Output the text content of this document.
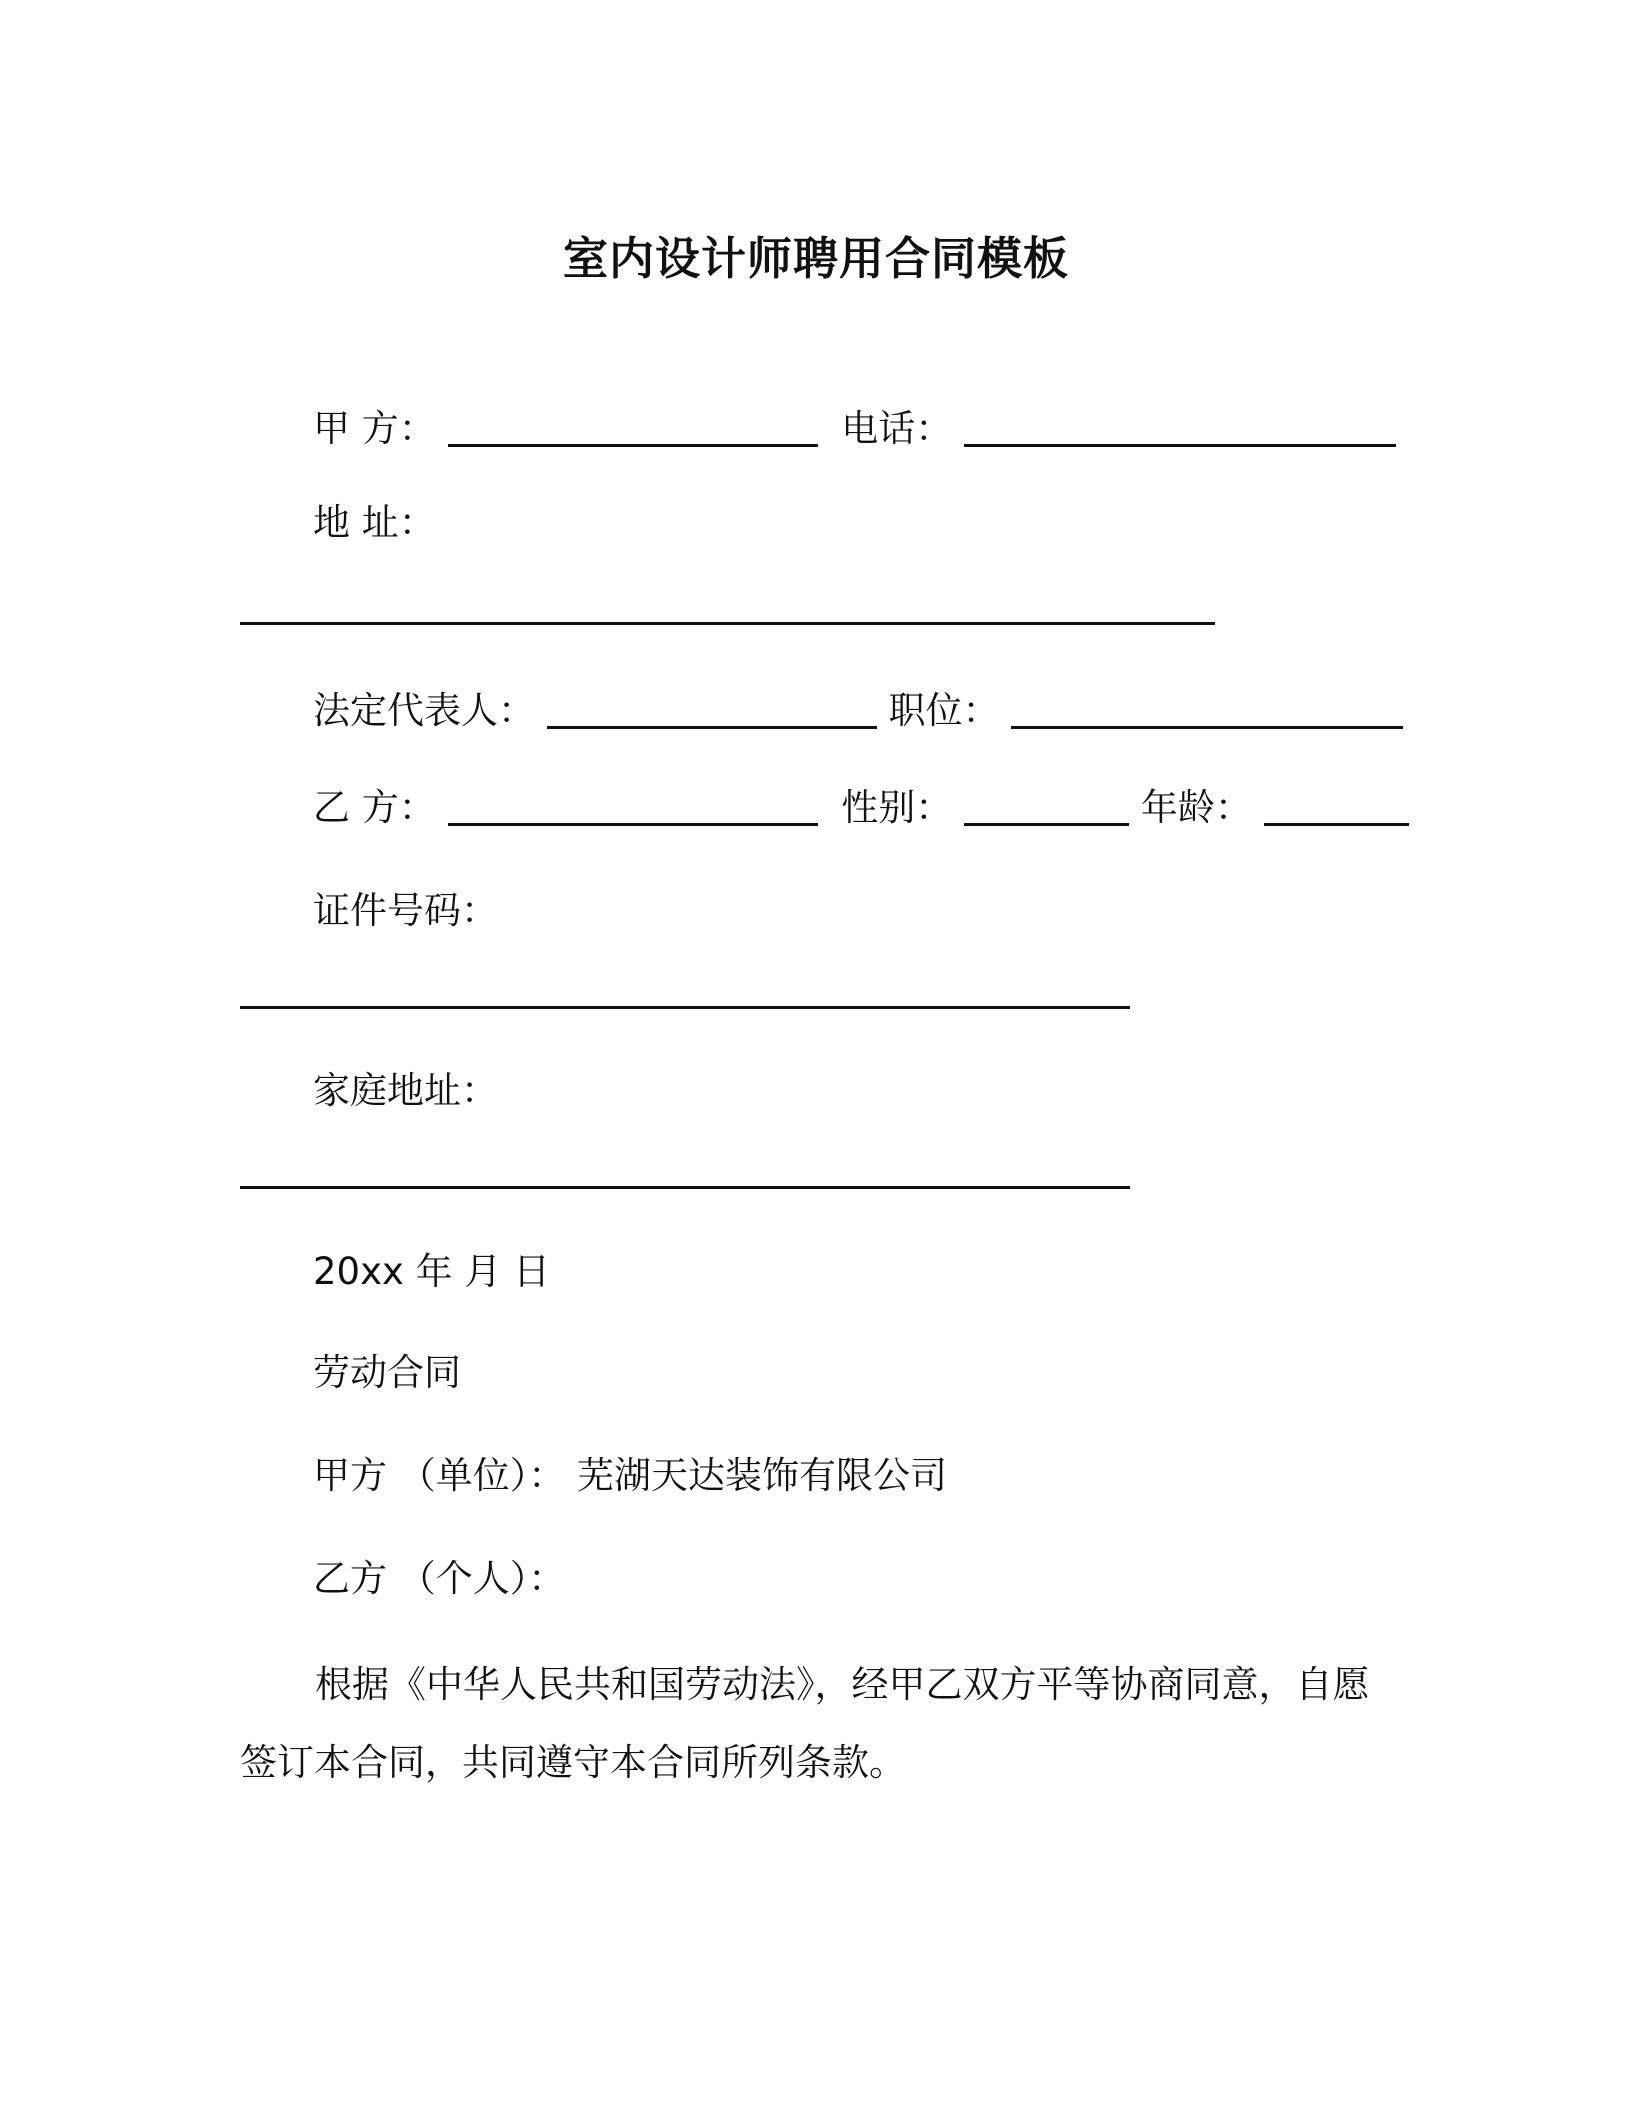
室内设计师聘用合同模板
甲 方：	电话：
地 址：
法定代表人：	职位：
乙 方：	性别：	年龄：
证件号码：
家庭地址：
20xx 年 月 日
劳动合同
甲方 （单位）： 芜湖天达装饰有限公司
乙方 （个人）：
根据《中华人民共和国劳动法》，经甲乙双方平等协商同意，自愿签订本合同，共同遵守本合同所列条款。
